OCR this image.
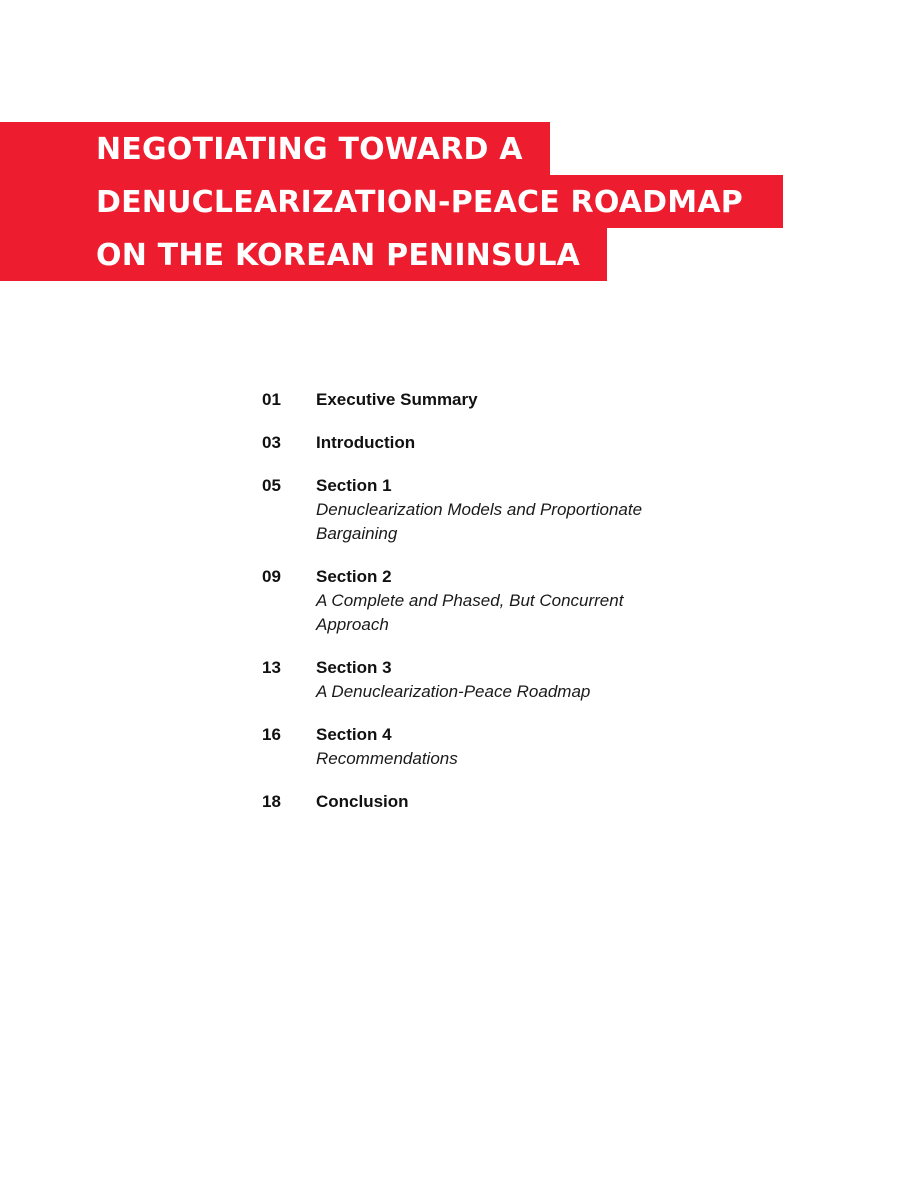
NEGOTIATING TOWARD A
DENUCLEARIZATION-PEACE ROADMAP
ON THE KOREAN PENINSULA
01	Executive Summary
03	Introduction
05	Section 1
Denuclearization Models and Proportionate Bargaining
09	Section 2
A Complete and Phased, But Concurrent Approach
13	Section 3
A Denuclearization-Peace Roadmap
16	Section 4
Recommendations
18	Conclusion
